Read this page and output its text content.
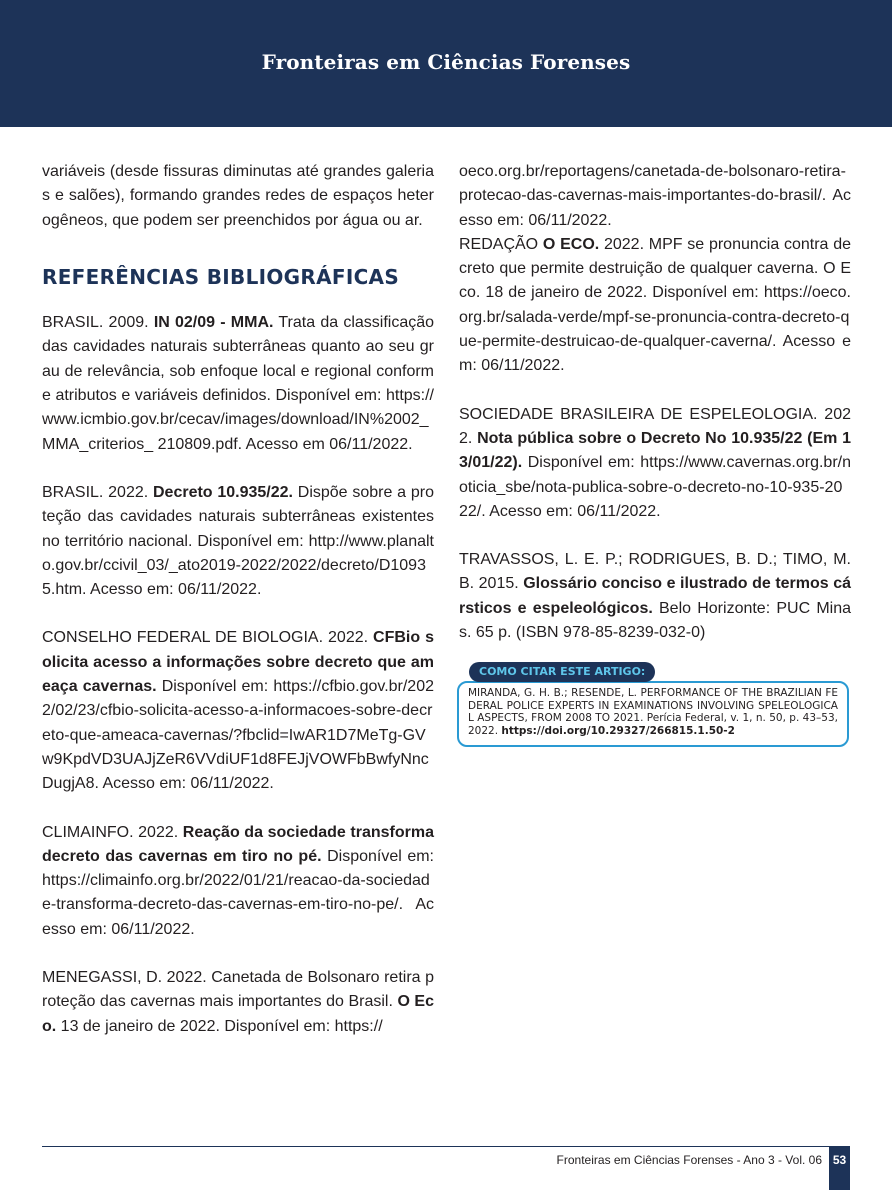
Fronteiras em Ciências Forenses

variáveis (desde fissuras diminutas até grandes galerias e salões), formando grandes redes de espaços heterogêneos, que podem ser preenchidos por água ou ar.

REFERÊNCIAS BIBLIOGRÁFICAS

BRASIL. 2009. IN 02/09 - MMA. Trata da classificação das cavidades naturais subterrâneas quanto ao seu grau de relevância, sob enfoque local e regional conforme atributos e variáveis definidos. Disponível em: https://www.icmbio.gov.br/cecav/images/download/IN%2002_MMA_criterios_ 210809.pdf. Acesso em 06/11/2022.

BRASIL. 2022. Decreto 10.935/22. Dispõe sobre a proteção das cavidades naturais subterrâneas existentes no território nacional. Disponível em: http://www.planalto.gov.br/ccivil_03/_ato2019-2022/2022/decreto/D10935.htm. Acesso em: 06/11/2022.

CONSELHO FEDERAL DE BIOLOGIA. 2022. CFBio solicita acesso a informações sobre decreto que ameaça cavernas. Disponível em: https://cfbio.gov.br/2022/02/23/cfbio-solicita-acesso-a-informacoes-sobre-decreto-que-ameaca-cavernas/?fbclid=IwAR1D7MeTg-GVw9KpdVD3UAJjZeR6VVdiUF1d8FEJjVOWFbBwfyNncDugjA8. Acesso em: 06/11/2022.

CLIMAINFO. 2022. Reação da sociedade transforma decreto das cavernas em tiro no pé. Disponível em: https://climainfo.org.br/2022/01/21/reacao-da-sociedade-transforma-decreto-das-cavernas-em-tiro-no-pe/. Acesso em: 06/11/2022.

MENEGASSI, D. 2022. Canetada de Bolsonaro retira proteção das cavernas mais importantes do Brasil. O Eco. 13 de janeiro de 2022. Disponível em: https://

oeco.org.br/reportagens/canetada-de-bolsonaro-retira-protecao-das-cavernas-mais-importantes-do-brasil/. Acesso em: 06/11/2022.

REDAÇÃO O ECO. 2022. MPF se pronuncia contra decreto que permite destruição de qualquer caverna. O Eco. 18 de janeiro de 2022. Disponível em: https://oeco.org.br/salada-verde/mpf-se-pronuncia-contra-decreto-que-permite-destruicao-de-qualquer-caverna/. Acesso em: 06/11/2022.

SOCIEDADE BRASILEIRA DE ESPELEOLOGIA. 2022. Nota pública sobre o Decreto No 10.935/22 (Em 13/01/22). Disponível em: https://www.cavernas.org.br/noticia_sbe/nota-publica-sobre-o-decreto-no-10-935-2022/. Acesso em: 06/11/2022.

TRAVASSOS, L. E. P.; RODRIGUES, B. D.; TIMO, M. B. 2015. Glossário conciso e ilustrado de termos cársticos e espeleológicos. Belo Horizonte: PUC Minas. 65 p. (ISBN 978-85-8239-032-0)

MIRANDA, G. H. B.; RESENDE, L. PERFORMANCE OF THE BRAZILIAN FEDERAL POLICE EXPERTS IN EXAMINATIONS INVOLVING SPELEOLOGICAL ASPECTS, FROM 2008 TO 2021. Perícia Federal, v. 1, n. 50, p. 43–53, 2022. https://doi.org/10.29327/266815.1.50-2
COMO CITAR ESTE ARTIGO:
Fronteiras em Ciências Forenses - Ano 3 - Vol. 06 53
